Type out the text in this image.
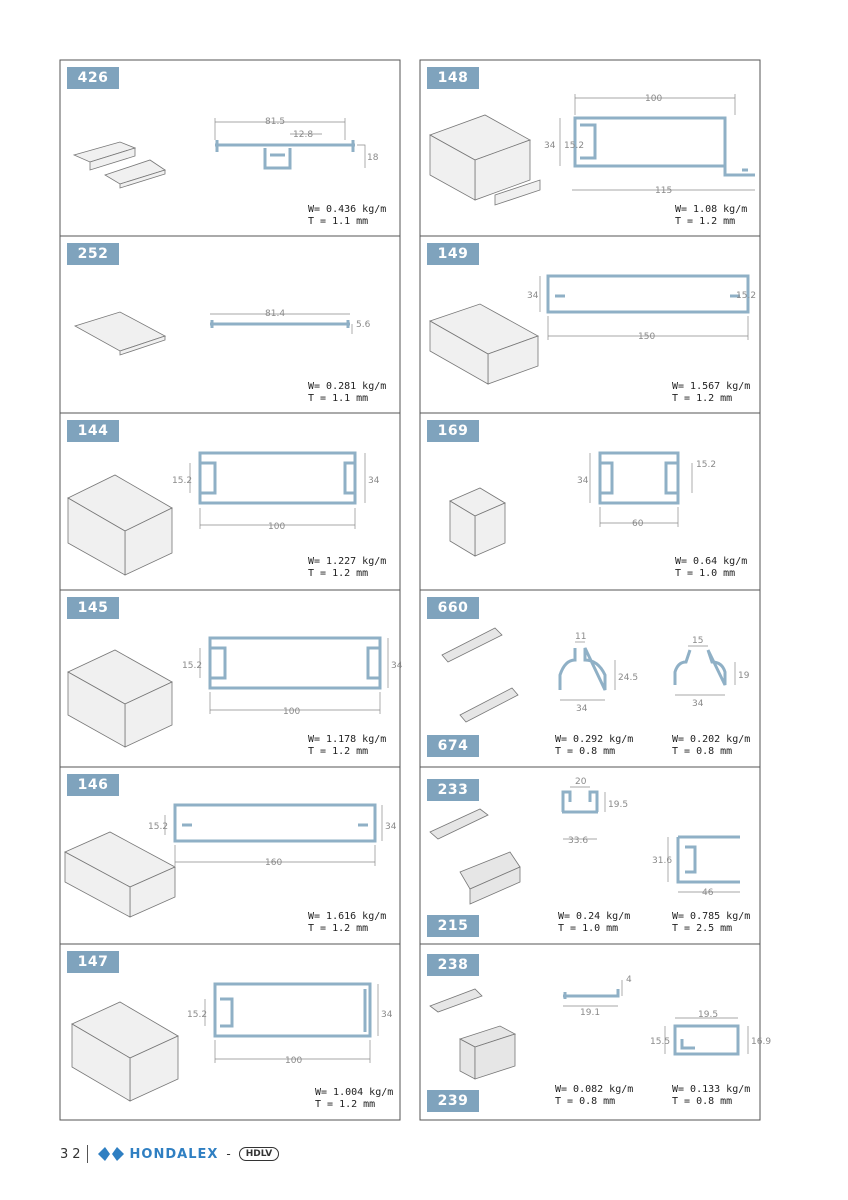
426
81.5
12.8
18
W= 0.436 kg/m
T = 1.1 mm
148
100
34 15.2
115
W= 1.08 kg/m
T = 1.2 mm
252
81.4
5.6
W= 0.281 kg/m
T = 1.1 mm
149
34	15.2
150
W= 1.567 kg/m
T = 1.2 mm
144
15.2	34
100
W= 1.227 kg/m
T = 1.2 mm
169
34
15.2
60
W= 0.64 kg/m
T = 1.0 mm
145
15.2	34
100
W= 1.178 kg/m
T = 1.2 mm
660
674
11
24.5
34
15
19
34
W= 0.292 kg/m
T = 0.8 mm
W= 0.202 kg/m
T = 0.8 mm
146
15.2	34
160
W= 1.616 kg/m
T = 1.2 mm
233
215
20
19.5
33.6
31.6
46
W= 0.24 kg/m
T = 1.0 mm
W= 0.785 kg/m
T = 2.5 mm
147
15.2	34
100
W= 1.004 kg/m
T = 1.2 mm
238
239
4
19.1	19.5
15.5	16.9
W= 0.082 kg/m
T = 0.8 mm
W= 0.133 kg/m
T = 0.8 mm
32	HONDALEX -	HDLV
